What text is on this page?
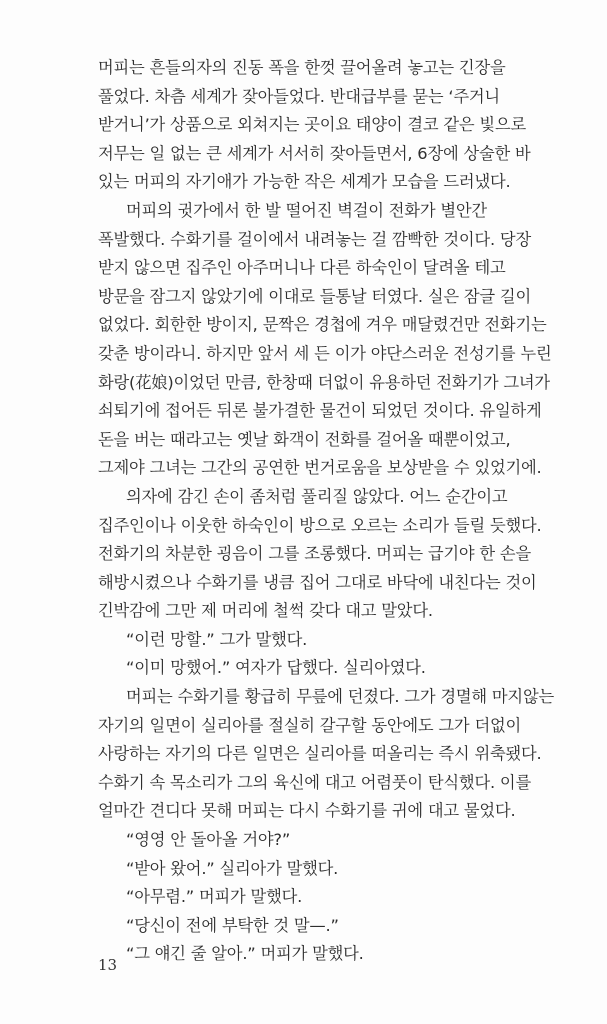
머피는 흔들의자의 진동 폭을 한껏 끌어올려 놓고는 긴장을
풀었다. 차츰 세계가 잦아들었다. 반대급부를 묻는 ‘주거니
받거니’가 상품으로 외쳐지는 곳이요 태양이 결코 같은 빛으로
저무는 일 없는 큰 세계가 서서히 잦아들면서, 6장에 상술한 바
있는 머피의 자기애가 가능한 작은 세계가 모습을 드러냈다.
머피의 귓가에서 한 발 떨어진 벽걸이 전화가 별안간
폭발했다. 수화기를 걸이에서 내려놓는 걸 깜빡한 것이다. 당장
받지 않으면 집주인 아주머니나 다른 하숙인이 달려올 테고
방문을 잠그지 않았기에 이대로 들통날 터였다. 실은 잠글 길이
없었다. 회한한 방이지, 문짝은 경첩에 겨우 매달렸건만 전화기는
갖춘 방이라니. 하지만 앞서 세 든 이가 야단스러운 전성기를 누린
화랑(花娘)이었던 만큼, 한창때 더없이 유용하던 전화기가 그녀가
쇠퇴기에 접어든 뒤론 불가결한 물건이 되었던 것이다. 유일하게
돈을 버는 때라고는 옛날 화객이 전화를 걸어올 때뿐이었고,
그제야 그녀는 그간의 공연한 번거로움을 보상받을 수 있었기에.
의자에 감긴 손이 좀처럼 풀리질 않았다. 어느 순간이고
집주인이나 이웃한 하숙인이 방으로 오르는 소리가 들릴 듯했다.
전화기의 차분한 굉음이 그를 조롱했다. 머피는 급기야 한 손을
해방시켰으나 수화기를 냉큼 집어 그대로 바닥에 내친다는 것이
긴박감에 그만 제 머리에 철썩 갖다 대고 말았다.
“이런 망할.” 그가 말했다.
“이미 망했어.” 여자가 답했다. 실리아였다.
머피는 수화기를 황급히 무릎에 던졌다. 그가 경멸해 마지않는
자기의 일면이 실리아를 절실히 갈구할 동안에도 그가 더없이
사랑하는 자기의 다른 일면은 실리아를 떠올리는 즉시 위축됐다.
수화기 속 목소리가 그의 육신에 대고 어렴풋이 탄식했다. 이를
얼마간 견디다 못해 머피는 다시 수화기를 귀에 대고 물었다.
“영영 안 돌아올 거야?”
“받아 왔어.” 실리아가 말했다.
“아무렴.” 머피가 말했다.
“당신이 전에 부탁한 것 말—.”
“그 얘긴 줄 알아.” 머피가 말했다.
13
